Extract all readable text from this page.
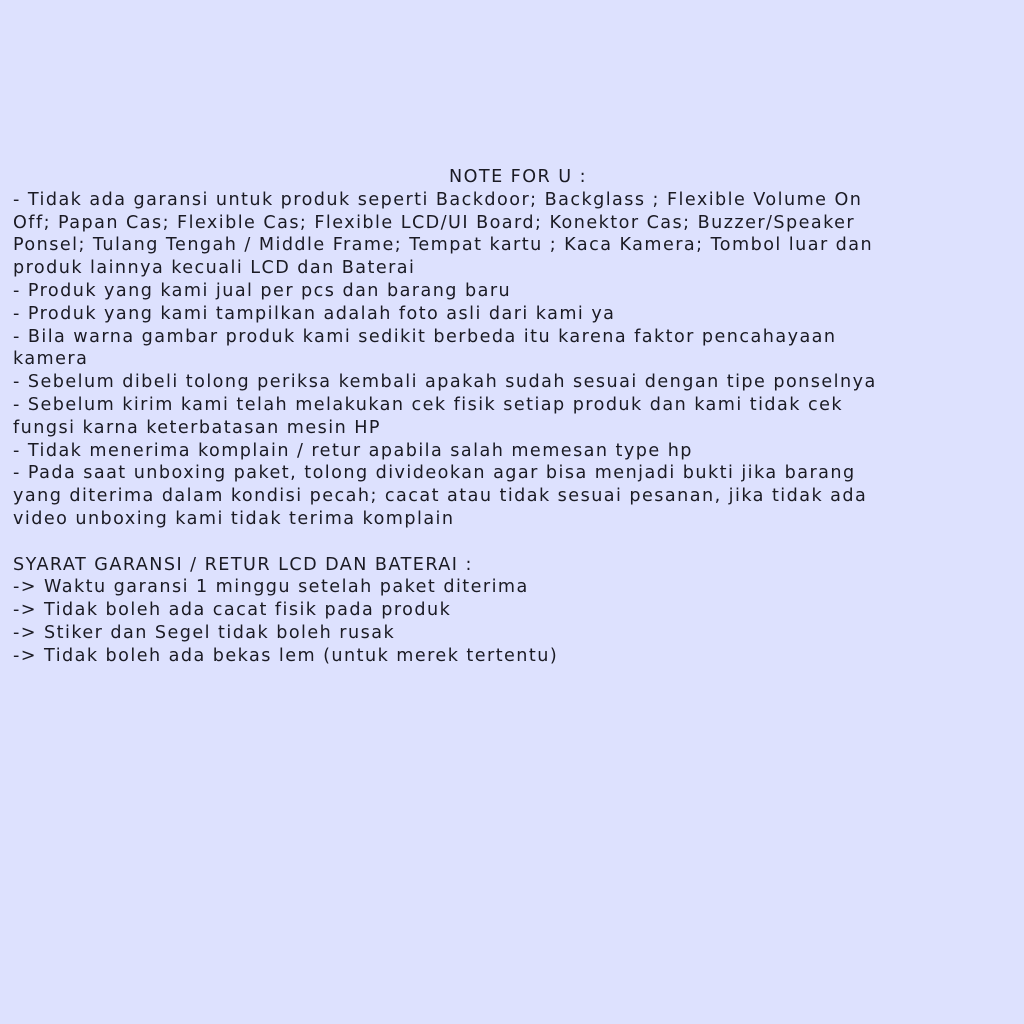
NOTE FOR U :

- Tidak ada garansi untuk produk seperti Backdoor; Backglass ; Flexible Volume On

Off; Papan Cas; Flexible Cas; Flexible LCD/UI Board; Konektor Cas; Buzzer/Speaker

Ponsel; Tulang Tengah / Middle Frame; Tempat kartu ; Kaca Kamera; Tombol luar dan

produk lainnya kecuali LCD dan Baterai

- Produk yang kami jual per pcs dan barang baru

- Produk yang kami tampilkan adalah foto asli dari kami ya

- Bila warna gambar produk kami sedikit berbeda itu karena faktor pencahayaan

kamera

- Sebelum dibeli tolong periksa kembali apakah sudah sesuai dengan tipe ponselnya

- Sebelum kirim kami telah melakukan cek fisik setiap produk dan kami tidak cek

fungsi karna keterbatasan mesin HP

- Tidak menerima komplain / retur apabila salah memesan type hp

- Pada saat unboxing paket, tolong divideokan agar bisa menjadi bukti jika barang

yang diterima dalam kondisi pecah; cacat atau tidak sesuai pesanan, jika tidak ada

video unboxing kami tidak terima komplain

SYARAT GARANSI / RETUR LCD DAN BATERAI :

-> Waktu garansi 1 minggu setelah paket diterima

-> Tidak boleh ada cacat fisik pada produk

-> Stiker dan Segel tidak boleh rusak

-> Tidak boleh ada bekas lem (untuk merek tertentu)
